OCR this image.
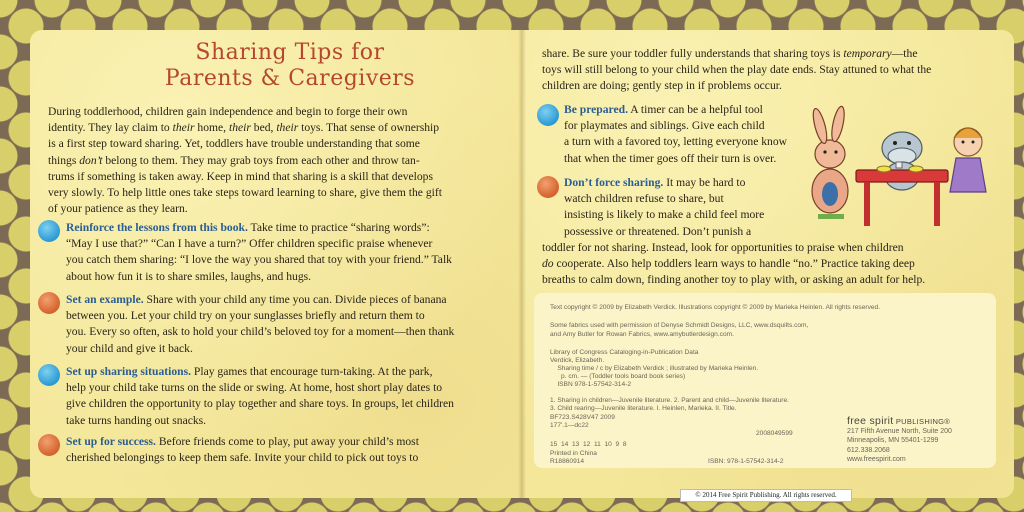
Sharing Tips for
Parents & Caregivers
During toddlerhood, children gain independence and begin to forge their own
identity. They lay claim to their home, their bed, their toys. That sense of ownership
is a first step toward sharing. Yet, toddlers have trouble understanding that some
things don’t belong to them. They may grab toys from each other and throw tan-
trums if something is taken away. Keep in mind that sharing is a skill that develops
very slowly. To help little ones take steps toward learning to share, give them the gift
of your patience as they learn.
Reinforce the lessons from this book. Take time to practice “sharing words”:
“May I use that?” “Can I have a turn?” Offer children specific praise whenever
you catch them sharing: “I love the way you shared that toy with your friend.” Talk
about how fun it is to share smiles, laughs, and hugs.
Set an example. Share with your child any time you can. Divide pieces of banana
between you. Let your child try on your sunglasses briefly and return them to
you. Every so often, ask to hold your child’s beloved toy for a moment—then thank
your child and give it back.
Set up sharing situations. Play games that encourage turn-taking. At the park,
help your child take turns on the slide or swing. At home, host short play dates to
give children the opportunity to play together and share toys. In groups, let children
take turns handing out snacks.
Set up for success. Before friends come to play, put away your child’s most
cherished belongings to keep them safe. Invite your child to pick out toys to
share. Be sure your toddler fully understands that sharing toys is temporary—the
toys will still belong to your child when the play date ends. Stay attuned to what the
children are doing; gently step in if problems occur.
Be prepared. A timer can be a helpful tool
for playmates and siblings. Give each child
a turn with a favored toy, letting everyone know
that when the timer goes off their turn is over.
Don’t force sharing. It may be hard to
watch children refuse to share, but
insisting is likely to make a child feel more
possessive or threatened. Don’t punish a
toddler for not sharing. Instead, look for opportunities to praise when children
do cooperate. Also help toddlers learn ways to handle “no.” Practice taking deep
breaths to calm down, finding another toy to play with, or asking an adult for help.
Text copyright © 2009 by Elizabeth Verdick. Illustrations copyright © 2009 by Marieka Heinlen. All rights reserved.
Some fabrics used with permission of Denyse Schmidt Designs, LLC, www.dsquilts.com,
and Amy Butler for Rowan Fabrics, www.amybutlerdesign.com.
Library of Congress Cataloging-in-Publication Data
Verdick, Elizabeth.
Sharing time / c by Elizabeth Verdick ; illustrated by Marieka Heinlen.
p. cm. — (Toddler tools board book series)
ISBN 978-1-57542-314-2
1. Sharing in children—Juvenile literature. 2. Parent and child—Juvenile literature.
3. Child rearing—Juvenile literature. I. Heinlen, Marieka. II. Title.
BF723.S428V47 2009
177'.1—dc22
2008049599
15  14  13  12  11  10  9  8
Printed in China
R18860914	ISBN: 978-1-57542-314-2
free spirit PUBLISHING®
217 Fifth Avenue North, Suite 200
Minneapolis, MN 55401-1299
612.338.2068
www.freespirit.com
© 2014 Free Spirit Publishing. All rights reserved.
